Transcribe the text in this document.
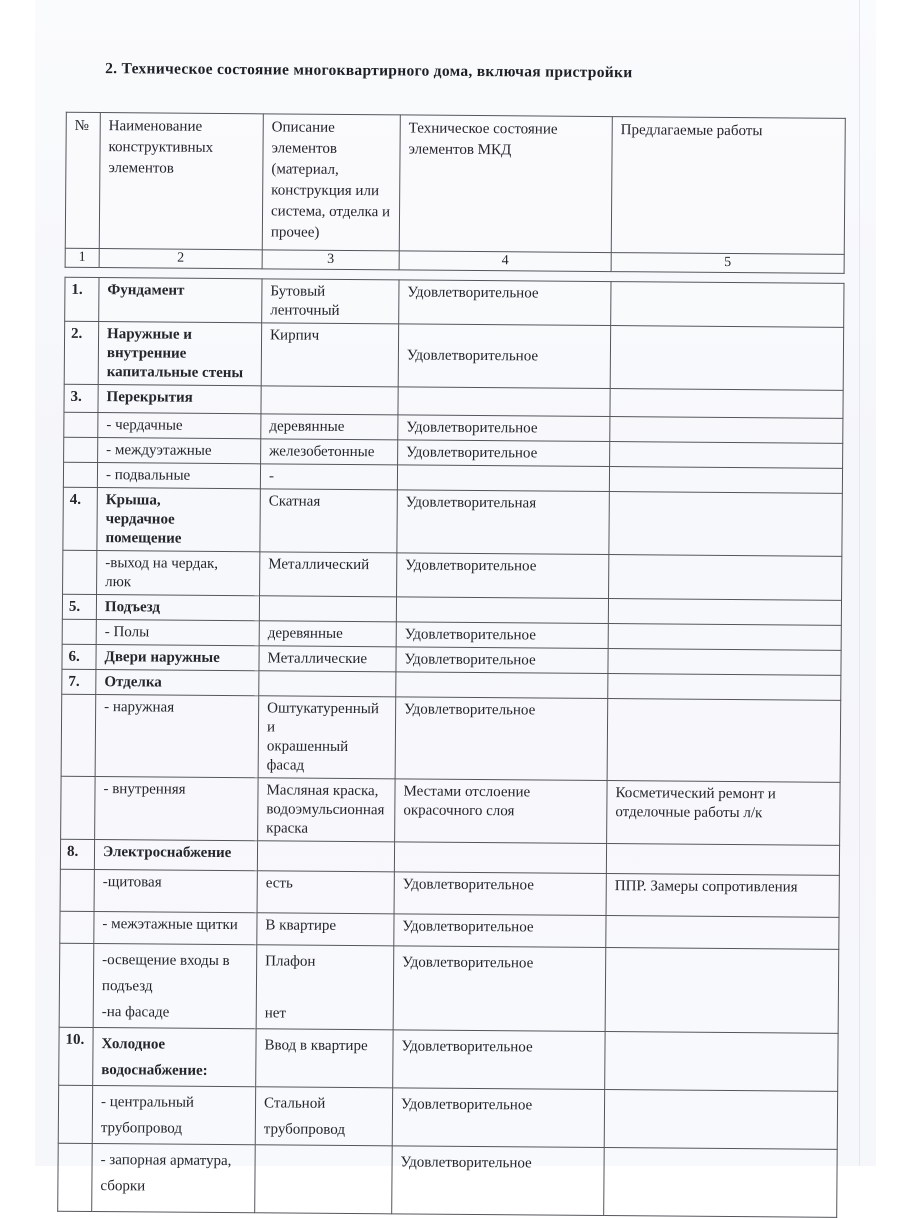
2. Техническое состояние многоквартирного дома, включая пристройки
№	Наименование
конструктивных
элементов	Описание
элементов
(материал,
конструкция или
система, отделка и
прочее)	Техническое состояние
элементов МКД	Предлагаемые работы
1	2	3	4	5
1.	Фундамент	Бутовый ленточный	Удовлетворительное	
2.	Наружные и
внутренние
капитальные стены	Кирпич	Удовлетворительное	
3.	Перекрытия			
	- чердачные	деревянные	Удовлетворительное	
	- междуэтажные	железобетонные	Удовлетворительное	
	- подвальные	-		
4.	Крыша,
чердачное
помещение	Скатная	Удовлетворительная	
	-выход на чердак,
люк	Металлический	Удовлетворительное	
5.	Подъезд			
	- Полы	деревянные	Удовлетворительное	
6.	Двери наружные	Металлические	Удовлетворительное	
7.	Отделка			
	- наружная	Оштукатуренный и
окрашенный фасад	Удовлетворительное	
	- внутренняя	Масляная краска,
водоэмульсионная
краска	Местами отслоение
окрасочного слоя	Косметический ремонт и
отделочные работы л/к
8.	Электроснабжение			
	-щитовая	есть	Удовлетворительное	ППР. Замеры сопротивления
	- межэтажные щитки	В квартире	Удовлетворительное	
	-освещение входы в
подъезд
-на фасаде	Плафон

нет	Удовлетворительное	
10.	Холодное
водоснабжение:	Ввод в квартире	Удовлетворительное	
	- центральный
трубопровод	Стальной
трубопровод	Удовлетворительное	
	- запорная арматура,
сборки		Удовлетворительное	
